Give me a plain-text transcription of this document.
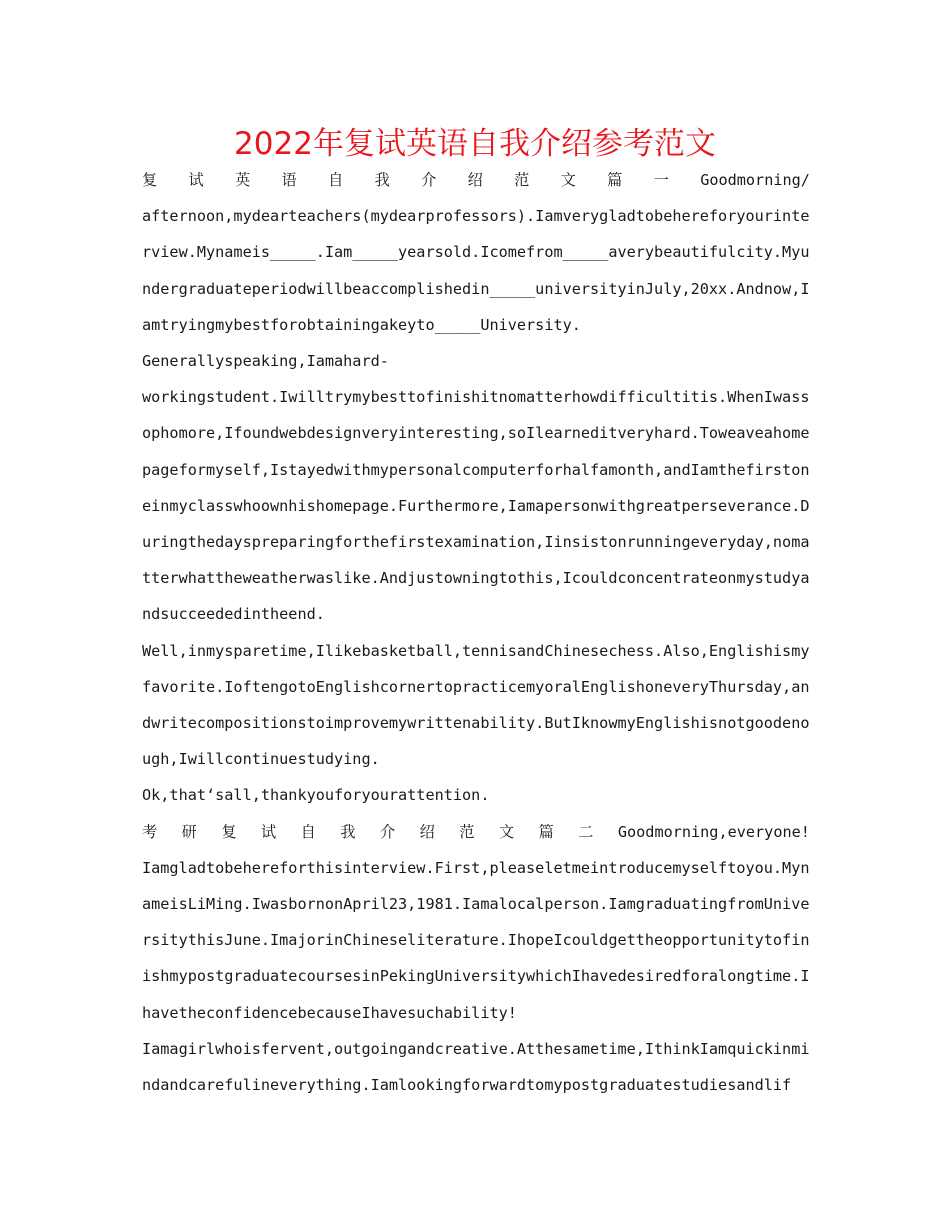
2022年复试英语自我介绍参考范文
复 试 英 语 自 我 介 绍 范 文 篇 一 Goodmorning/

afternoon,mydearteachers(mydearprofessors).Iamverygladtobehereforyourinterview.Mynameis_____.Iam_____yearsold.Icomefrom_____averybeautifulcity.Myundergraduateperiodwillbeaccomplishedin_____universityinJuly,20xx.Andnow,Iamtryingmybestforobtainingakeyto_____University.

Generallyspeaking,Iamahard-

workingstudent.Iwilltrymybesttofinishitnomatterhowdifficultitis.WhenIwassophomore,Ifoundwebdesignveryinteresting,soIlearneditveryhard.Toweaveahomepageformyself,Istayedwithmypersonalcomputerforhalfamonth,andIamthefirstoneinmyclasswhoownhishomepage.Furthermore,Iamapersonwithgreatperseverance.Duringthedayspreparingforthefirstexamination,Iinsistonrunningeveryday,nomatterwhattheweatherwaslike.Andjustowningtothis,Icouldconcentrateonmystudyandsucceededintheend.

Well,inmysparetime,Ilikebasketball,tennisandChinesechess.Also,Englishismyfavorite.IoftengotoEnglishcornertopracticemyoralEnglishoneveryThursday,andwritecompositionstoimprovemywrittenability.ButIknowmyEnglishisnotgoodenough,Iwillcontinuestudying.

Ok,that‘sall,thankyouforyourattention.

考 研 复 试 自 我 介 绍 范 文 篇 二 Goodmorning,everyone!

Iamgladtobehereforthisinterview.First,pleaseletmeintroducemyselftoyou.MynameisLiMing.IwasbornonApril23,1981.Iamalocalperson.IamgraduatingfromUniversitythisJune.ImajorinChineseliterature.IhopeIcouldgettheopportunitytofinishmypostgraduatecoursesinPekingUniversitywhichIhavedesiredforalongtime.IhavetheconfidencebecauseIhavesuchability!

Iamagirlwhoisfervent,outgoingandcreative.Atthesametime,IthinkIamquickinmindandcarefulineverything.Iamlookingforwardtomypostgraduatestudiesandlif
